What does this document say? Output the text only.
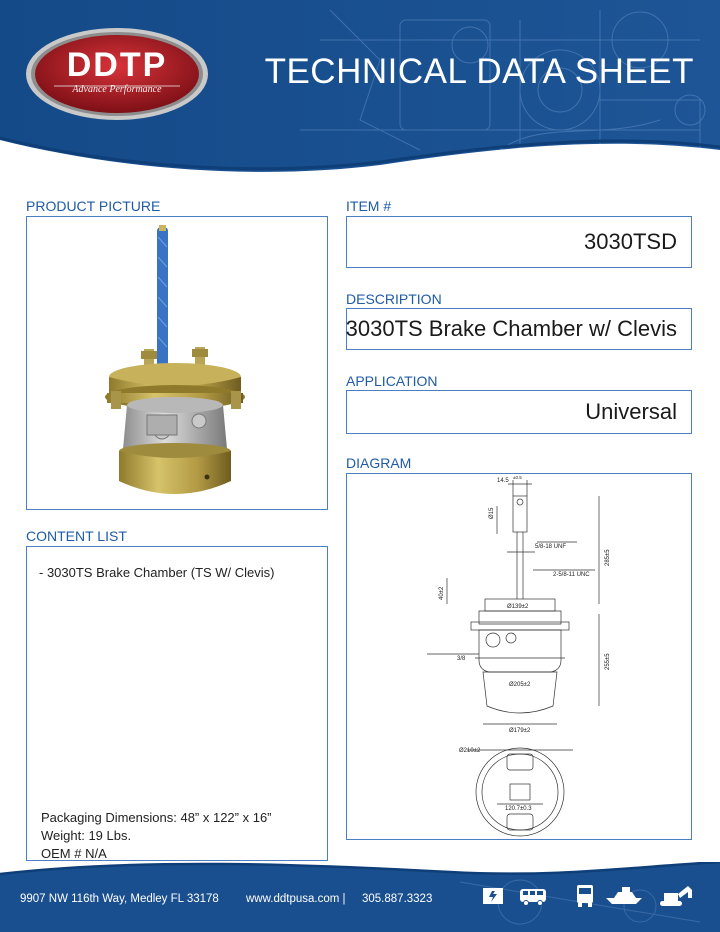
DDTP
Advance Performance	TECHNICAL DATA SHEET
PRODUCT PICTURE
CONTENT LIST
- 3030TS Brake Chamber (TS W/ Clevis)
Packaging Dimensions: 48” x 122” x 16”
Weight: 19 Lbs.
OEM # N/A
ITEM #
3030TSD
DESCRIPTION
3030TS Brake Chamber w/ Clevis
APPLICATION
Universal
DIAGRAM
14.5
±0.5
Ø15
5/8-18 UNF
2-5/8-11 UNC
285±5
40±2
Ø139±2
3/8	255±5
Ø205±2
Ø179±2
Ø210±2
120.7±0.3
9907 NW 116th Way, Medley FL 33178 www.ddtpusa.com | 305.887.3323
